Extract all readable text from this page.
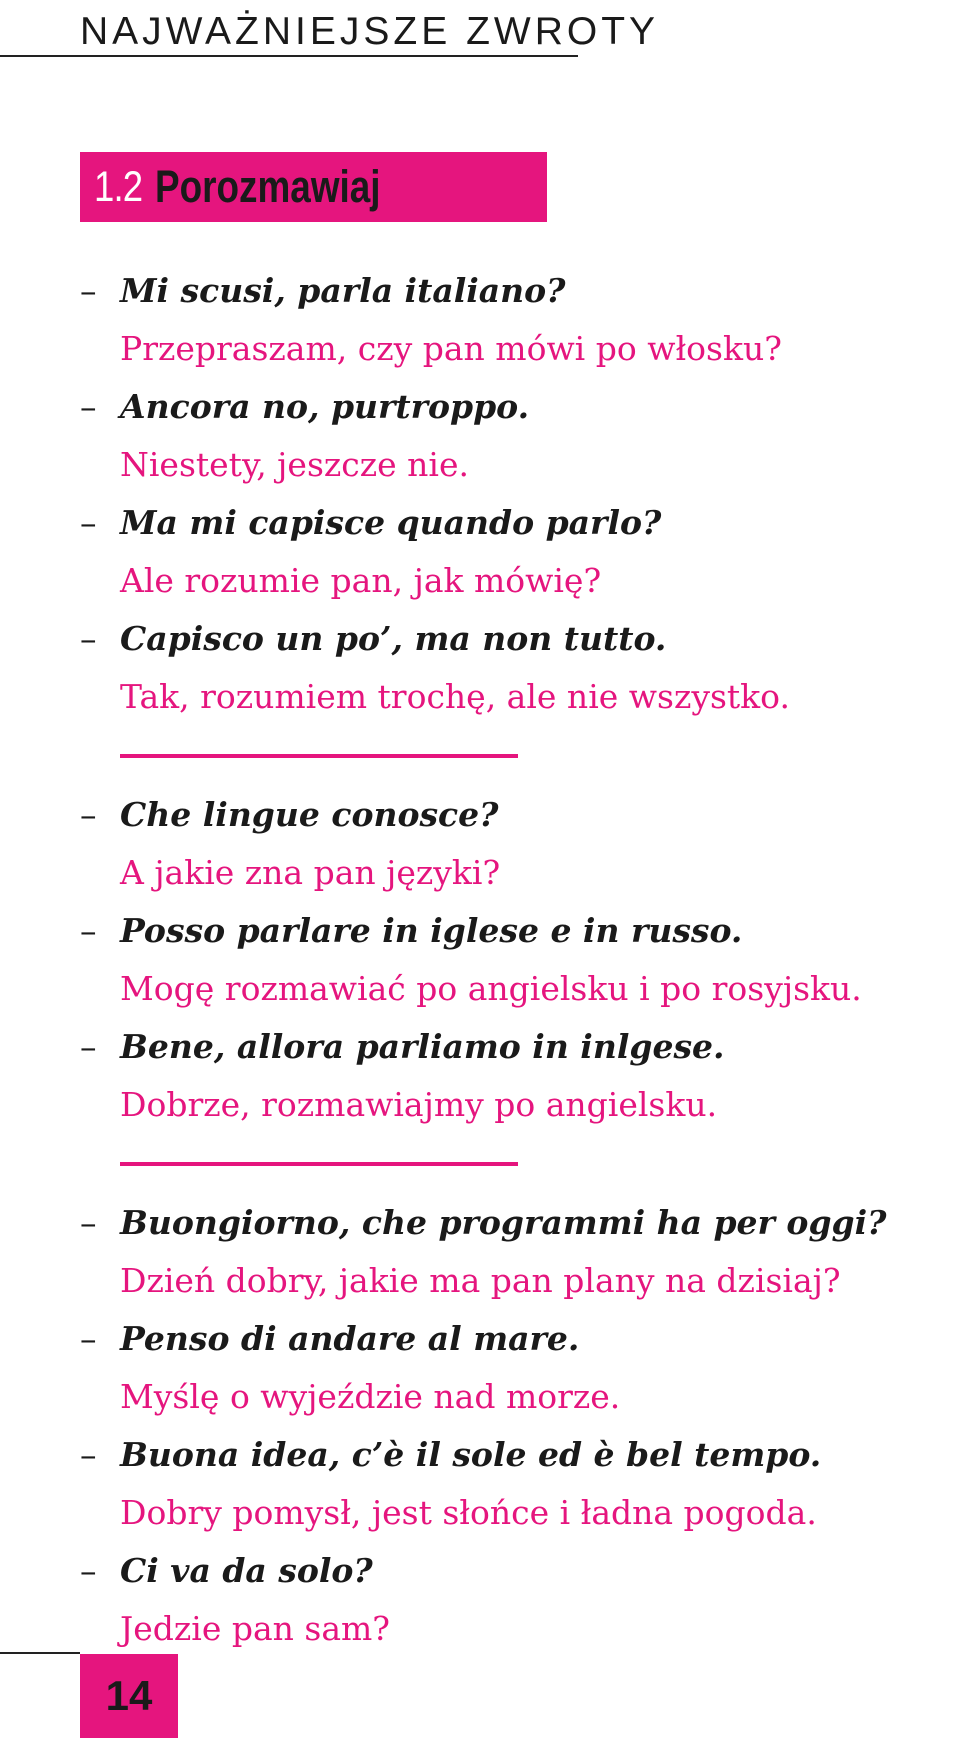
NAJWAŻNIEJSZE ZWROTY
1.2 Porozmawiaj
– Mi scusi, parla italiano?
Przepraszam, czy pan mówi po włosku?
– Ancora no, purtroppo.
Niestety, jeszcze nie.
– Ma mi capisce quando parlo?
Ale rozumie pan, jak mówię?
– Capisco un po’, ma non tutto.
Tak, rozumiem trochę, ale nie wszystko.
– Che lingue conosce?
A jakie zna pan języki?
– Posso parlare in iglese e in russo.
Mogę rozmawiać po angielsku i po rosyjsku.
– Bene, allora parliamo in inlgese.
Dobrze, rozmawiajmy po angielsku.
– Buongiorno, che programmi ha per oggi?
Dzień dobry, jakie ma pan plany na dzisiaj?
– Penso di andare al mare.
Myślę o wyjeździe nad morze.
– Buona idea, c’è il sole ed è bel tempo.
Dobry pomysł, jest słońce i ładna pogoda.
– Ci va da solo?
Jedzie pan sam?
14
